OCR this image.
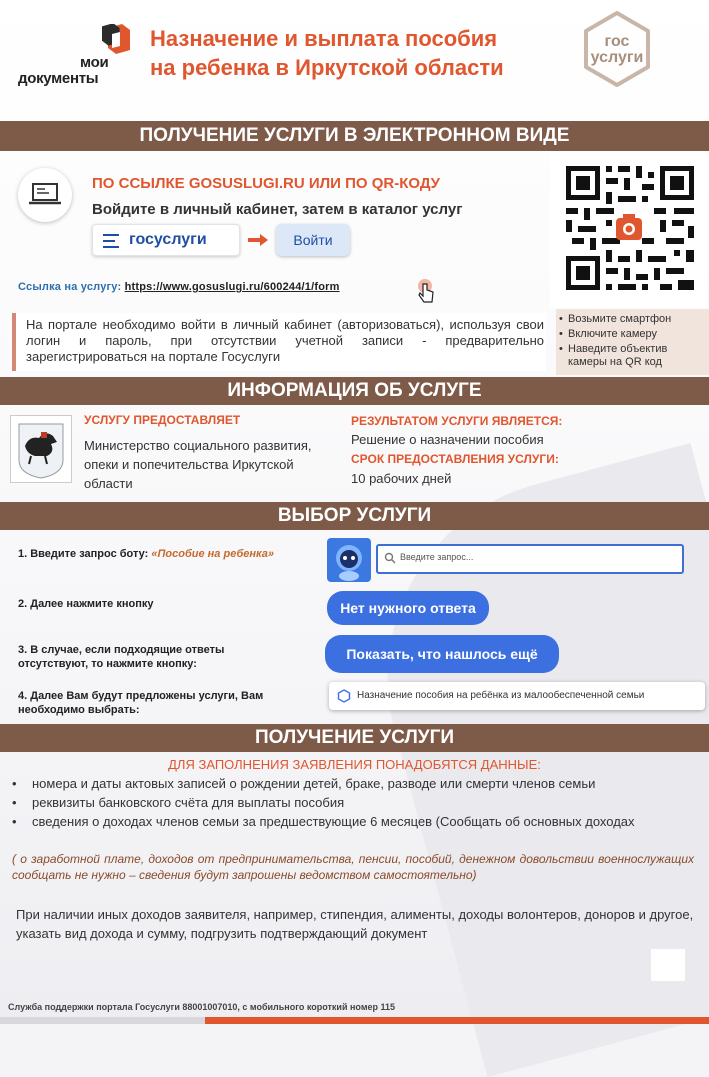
мои
документы
Назначение и выплата пособия
на ребенка в Иркутской области
гос
услуги
ПОЛУЧЕНИЕ УСЛУГИ В ЭЛЕКТРОННОМ ВИДЕ
ПО ССЫЛКЕ GOSUSLUGI.RU ИЛИ ПО QR-КОДУ
Войдите в личный кабинет, затем в каталог услуг
госуслуги	Войти
Ссылка на услугу: https://www.gosuslugi.ru/600244/1/form

На портале необходимо войти в личный кабинет (авторизоваться), используя свои логин и пароль, при отсутствии учетной записи - предварительно зарегистрироваться на портале Госуслуги

• Возьмите смартфон
• Включите камеру
• Наведите объектив камеры на QR код
ИНФОРМАЦИЯ ОБ УСЛУГЕ
УСЛУГУ ПРЕДОСТАВЛЯЕТ
Министерство социального развития, опеки и попечительства Иркутской области
РЕЗУЛЬТАТОМ УСЛУГИ ЯВЛЯЕТСЯ:
Решение о назначении пособия
СРОК ПРЕДОСТАВЛЕНИЯ УСЛУГИ:
10 рабочих дней
ВЫБОР УСЛУГИ
1. Введите запрос боту: «Пособие на ребенка»	Введите запрос...
2. Далее нажмите кнопку	Нет нужного ответа
3. В случае, если подходящие ответы
отсутствуют, то нажмите кнопку:
Показать, что нашлось ещё
4. Далее Вам будут предложены услуги, Вам
необходимо выбрать:
Назначение пособия на ребёнка из малообеспеченной семьи
ПОЛУЧЕНИЕ УСЛУГИ
ДЛЯ ЗАПОЛНЕНИЯ ЗАЯВЛЕНИЯ ПОНАДОБЯТСЯ ДАННЫЕ:
•	номера и даты актовых записей о рождении детей, браке, разводе или смерти членов семьи
•	реквизиты банковского счёта для выплаты пособия
•	сведения о доходах членов семьи за предшествующие 6 месяцев (Сообщать об основных доходах
( о заработной плате, доходов от предпринимательства, пенсии, пособий, денежном довольствии военнослужащих сообщать не нужно – сведения будут запрошены ведомством самостоятельно)
При наличии иных доходов заявителя, например, стипендия, алименты, доходы волонтеров, доноров и другое, указать вид дохода и сумму, подгрузить подтверждающий документ
Служба поддержки портала Госуслуги 88001007010, с мобильного короткий номер 115
